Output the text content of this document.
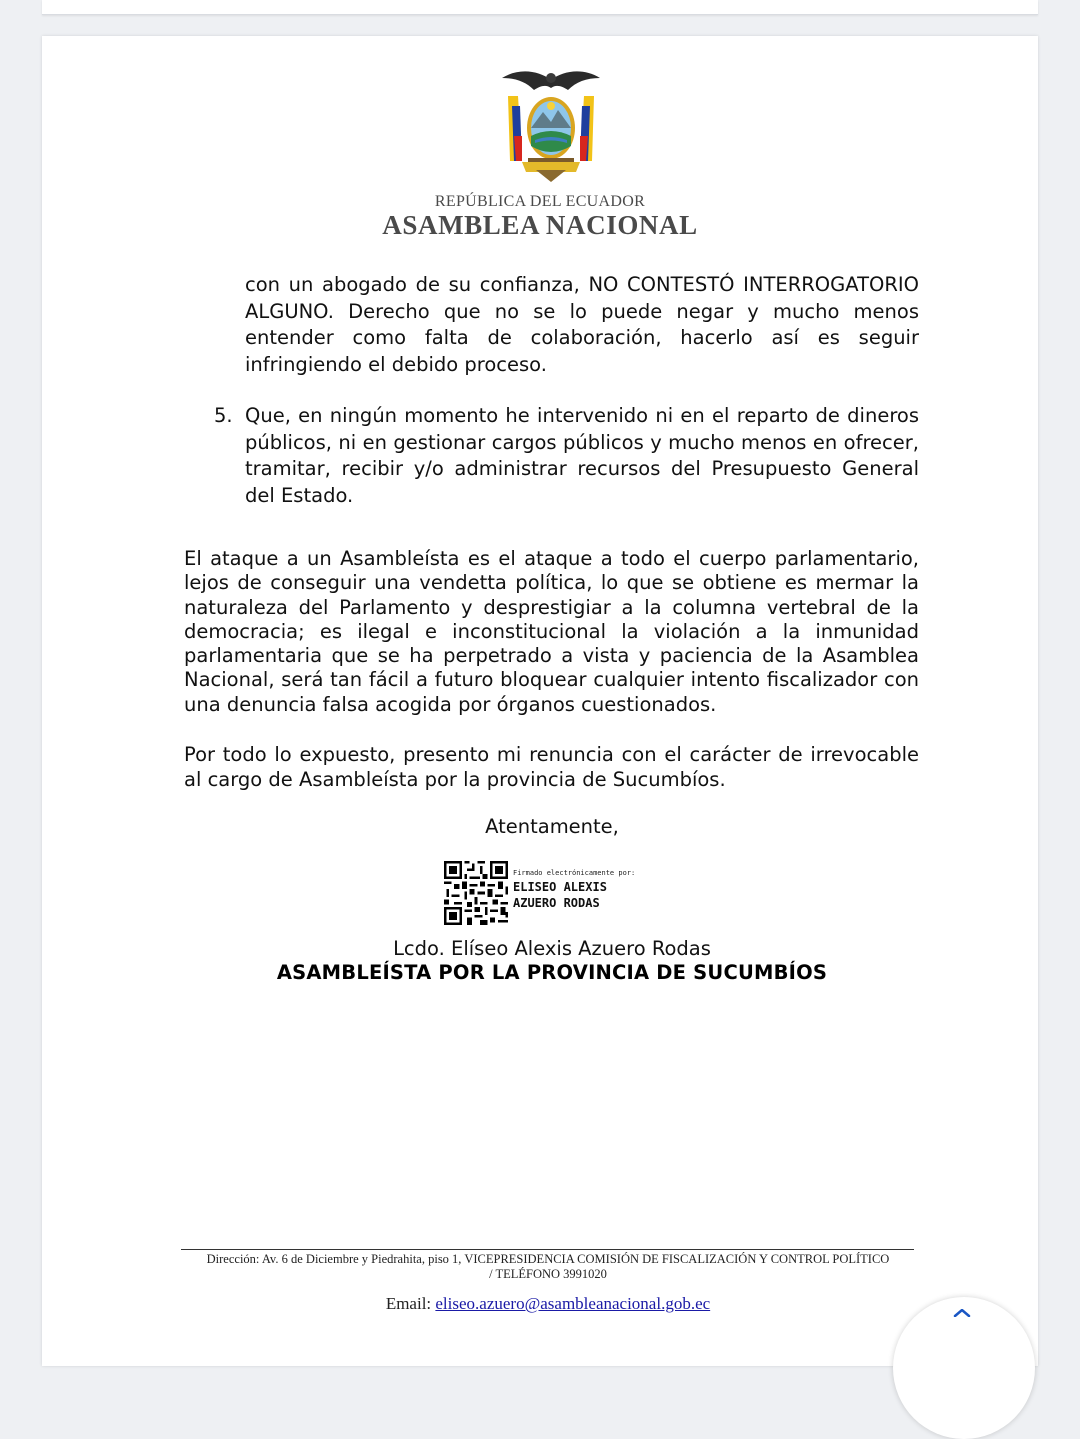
REPÚBLICA DEL ECUADOR
ASAMBLEA NACIONAL

con un abogado de su confianza, NO CONTESTÓ INTERROGATORIO ALGUNO. Derecho que no se lo puede negar y mucho menos entender como falta de colaboración, hacerlo así es seguir infringiendo el debido proceso.

5. Que, en ningún momento he intervenido ni en el reparto de dineros públicos, ni en gestionar cargos públicos y mucho menos en ofrecer, tramitar, recibir y/o administrar recursos del Presupuesto General del Estado.

El ataque a un Asambleísta es el ataque a todo el cuerpo parlamentario, lejos de conseguir una vendetta política, lo que se obtiene es mermar la naturaleza del Parlamento y desprestigiar a la columna vertebral de la democracia; es ilegal e inconstitucional la violación a la inmunidad parlamentaria que se ha perpetrado a vista y paciencia de la Asamblea Nacional, será tan fácil a futuro bloquear cualquier intento fiscalizador con una denuncia falsa acogida por órganos cuestionados.

Por todo lo expuesto, presento mi renuncia con el carácter de irrevocable al cargo de Asambleísta por la provincia de Sucumbíos.

Atentamente,
Firmado electrónicamente por:
ELISEO ALEXIS
AZUERO RODAS
Lcdo. Elíseo Alexis Azuero Rodas
ASAMBLEÍSTA POR LA PROVINCIA DE SUCUMBÍOS
Dirección: Av. 6 de Diciembre y Piedrahita, piso 1, VICEPRESIDENCIA COMISIÓN DE FISCALIZACIÓN Y CONTROL POLÍTICO / TELÉFONO 3991020
Email: eliseo.azuero@asambleanacional.gob.ec
